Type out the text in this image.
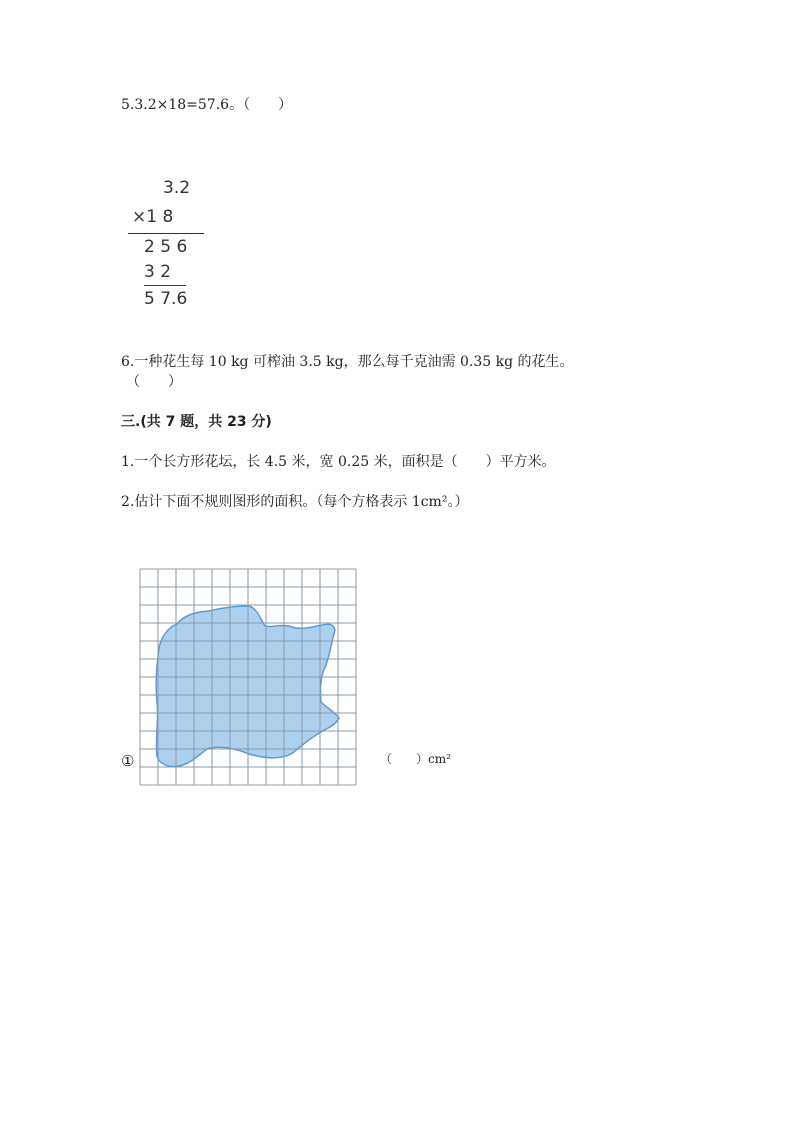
5.3.2×18=57.6。（　　）
3.2
×1 8
2 5 6
3 2
5 7.6
6.一种花生每 10 kg 可榨油 3.5 kg，那么每千克油需 0.35 kg 的花生。
（　　）
三.(共 7 题，共 23 分)
1.一个长方形花坛，长 4.5 米，宽 0.25 米，面积是（　　）平方米。
2.估计下面不规则图形的面积。（每个方格表示 1cm²。）
①	（　　）cm²
